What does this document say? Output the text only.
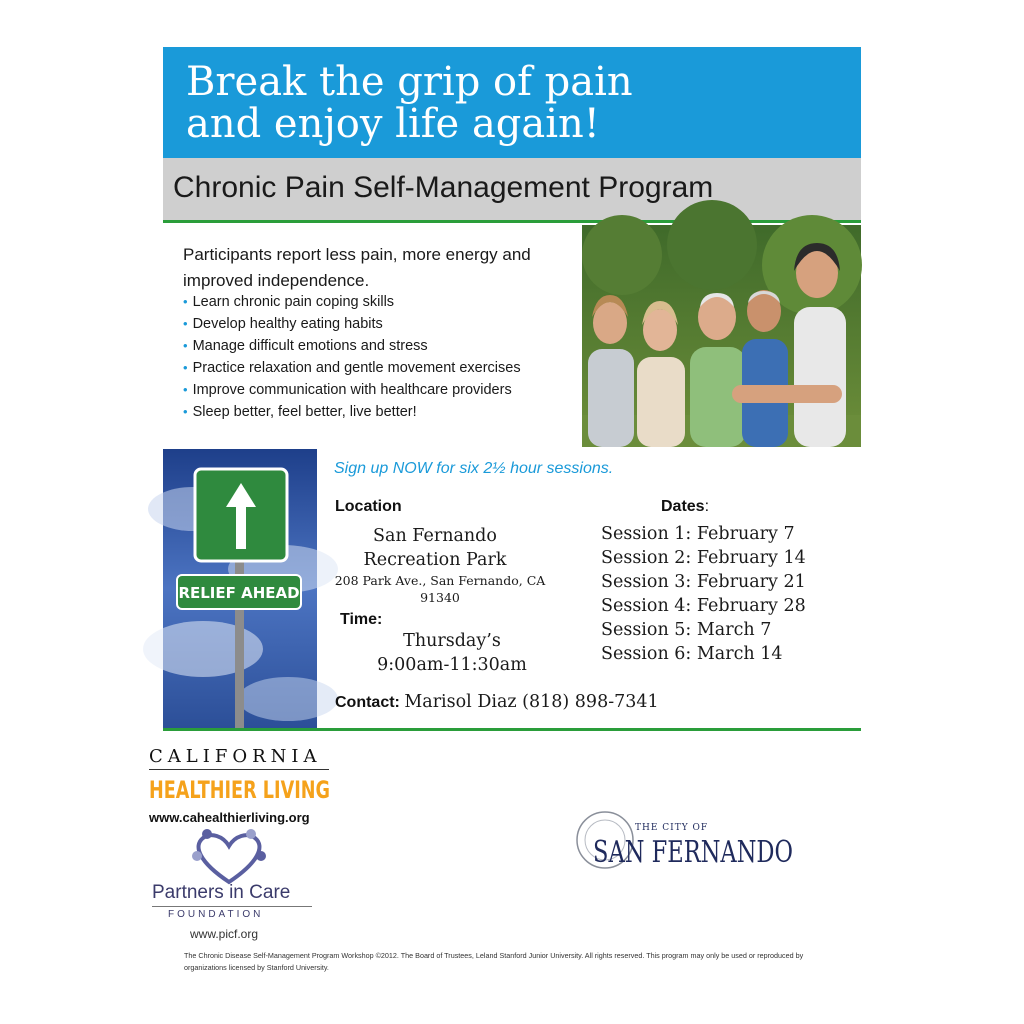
Break the grip of pain
and enjoy life again!
Chronic Pain Self-Management Program
Participants report less pain, more energy and improved independence.
• Learn chronic pain coping skills
• Develop healthy eating habits
• Manage difficult emotions and stress
• Practice relaxation and gentle movement exercises
• Improve communication with healthcare providers
• Sleep better, feel better, live better!
RELIEF AHEAD
Sign up NOW for six 2½ hour sessions.
Location
San Fernando
Recreation Park
208 Park Ave., San Fernando, CA
91340
Time:
Thursday’s
9:00am-11:30am
Dates:
Session 1: February 7
Session 2: February 14
Session 3: February 21
Session 4: February 28
Session 5: March 7
Session 6: March 14
Contact: Marisol Diaz (818) 898-7341
CALIFORNIA
HEALTHIER LIVING
www.cahealthierliving.org
Partners in Care
FOUNDATION
www.picf.org
THE CITY OF
SAN FERNANDO
The Chronic Disease Self-Management Program Workshop ©2012. The Board of Trustees, Leland Stanford Junior University. All rights reserved. This program may only be used or reproduced by organizations licensed by Stanford University.
